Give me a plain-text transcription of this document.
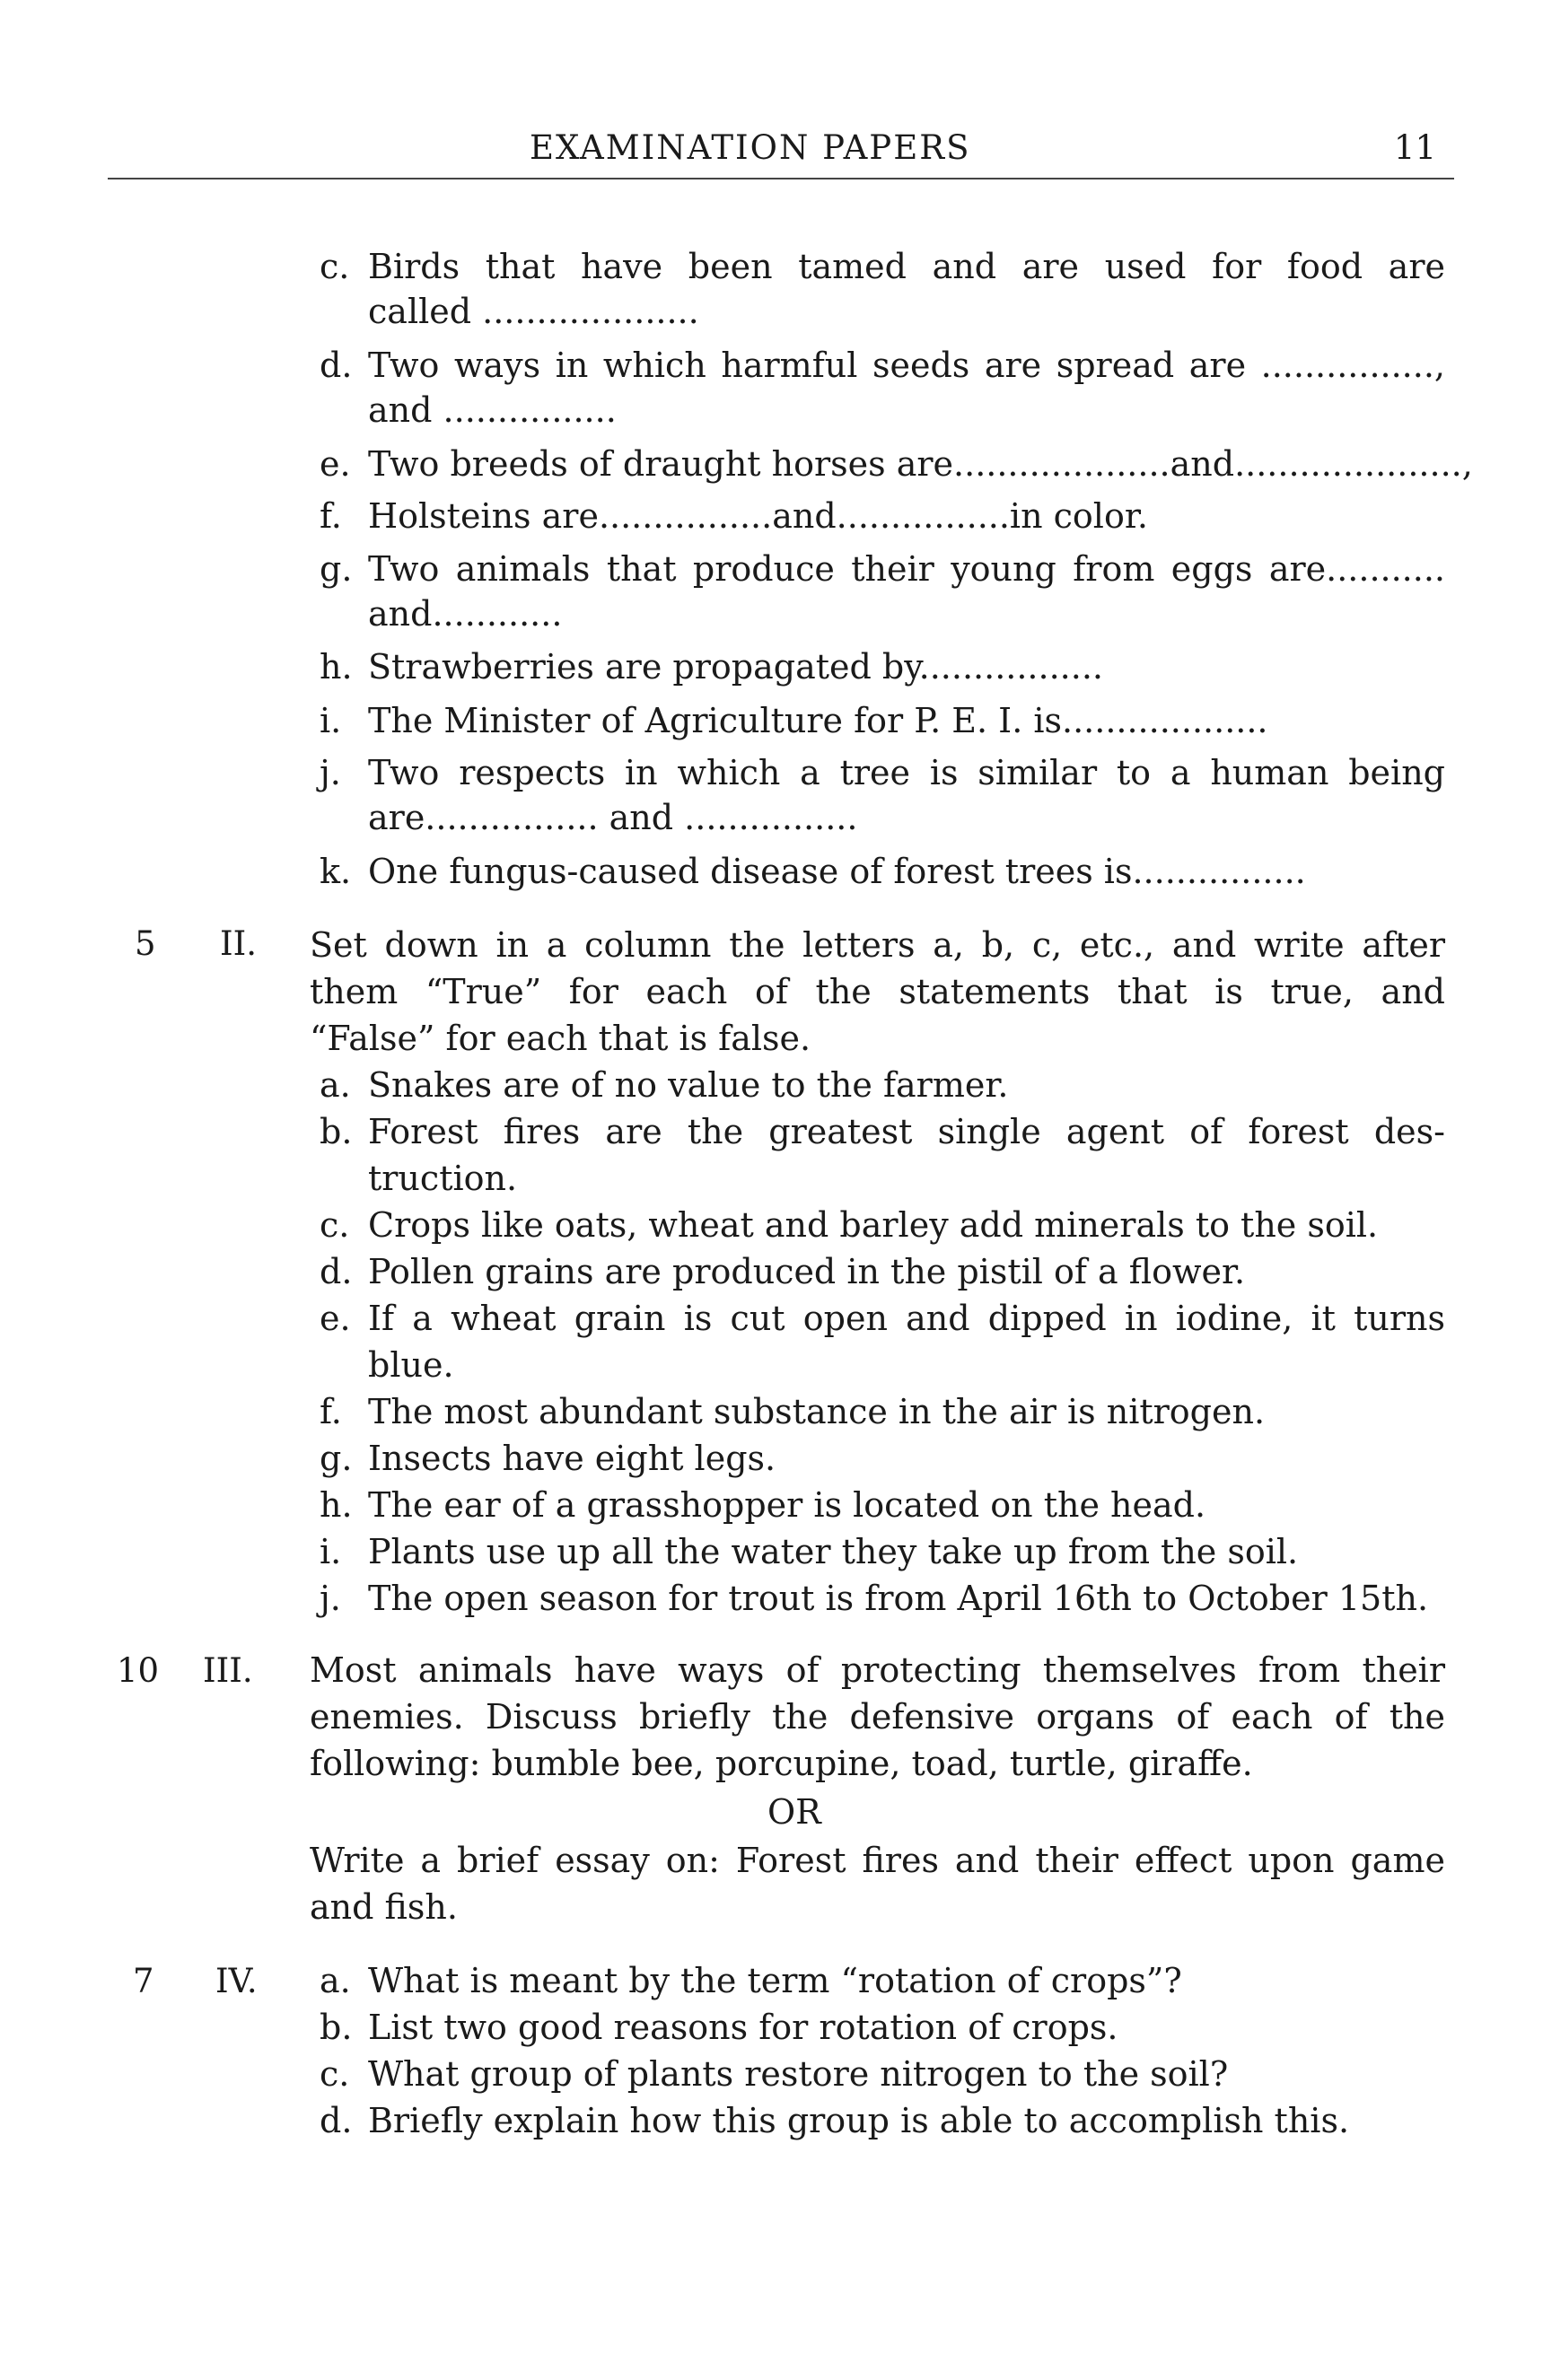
EXAMINATION PAPERS	11
c. Birds that have been tamed and are used for food are
called ....................
d. Two ways in which harmful seeds are spread are ................,
and ................
e. Two breeds of draught horses are....................and.....................,
f. Holsteins are................and................in color.
g. Two animals that produce their young from eggs are...........
and............
h. Strawberries are propagated by.................
i. The Minister of Agriculture for P. E. I. is...................
j. Two respects in which a tree is similar to a human being
are................ and ................
k. One fungus-caused disease of forest trees is................
5 II. Set down in a column the letters a, b, c, etc., and write after
them “True” for each of the statements that is true, and
“False” for each that is false.
a. Snakes are of no value to the farmer.
b. Forest fires are the greatest single agent of forest des-
truction.
c. Crops like oats, wheat and barley add minerals to the soil.
d. Pollen grains are produced in the pistil of a flower.
e. If a wheat grain is cut open and dipped in iodine, it turns
blue.
f. The most abundant substance in the air is nitrogen.
g. Insects have eight legs.
h. The ear of a grasshopper is located on the head.
i. Plants use up all the water they take up from the soil.
j. The open season for trout is from April 16th to October 15th.
10 III. Most animals have ways of protecting themselves from their
enemies. Discuss briefly the defensive organs of each of the
following: bumble bee, porcupine, toad, turtle, giraffe.
OR
Write a brief essay on: Forest fires and their effect upon game
and fish.
7 IV. a. What is meant by the term “rotation of crops”?
b. List two good reasons for rotation of crops.
c. What group of plants restore nitrogen to the soil?
d. Briefly explain how this group is able to accomplish this.
